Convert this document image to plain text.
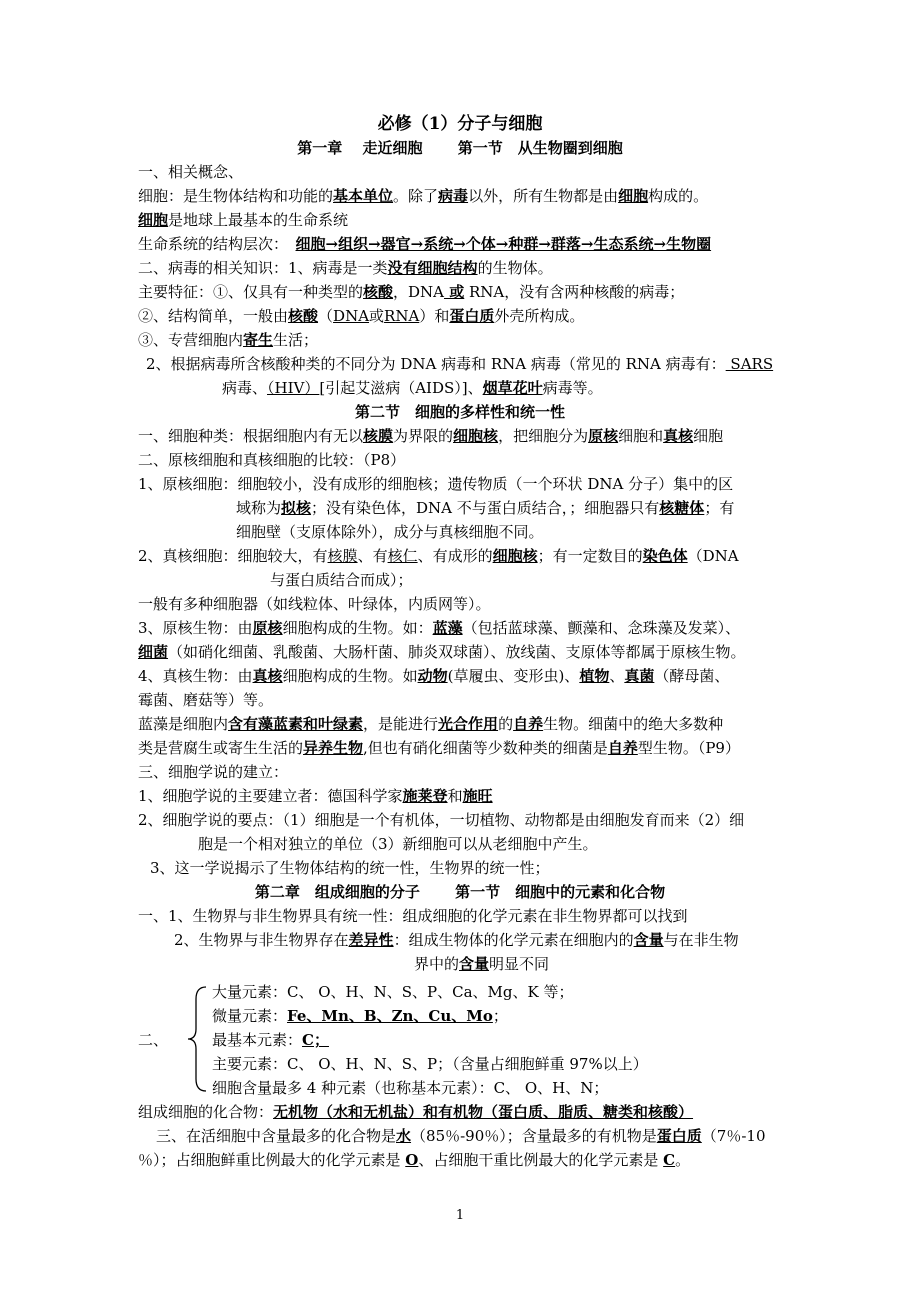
必修（1）分子与细胞
第一章　 走近细胞 　　第一节　从生物圈到细胞
一、相关概念、
细胞：是生物体结构和功能的基本单位。除了病毒以外，所有生物都是由细胞构成的。
细胞是地球上最基本的生命系统
生命系统的结构层次：　细胞→组织→器官→系统→个体→种群→群落→生态系统→生物圈
二、病毒的相关知识：1、病毒是一类没有细胞结构的生物体。
主要特征：①、仅具有一种类型的核酸，DNA 或 RNA，没有含两种核酸的病毒；
②、结构简单，一般由核酸（DNA或RNA）和蛋白质外壳所构成。
③、专营细胞内寄生生活；
2、根据病毒所含核酸种类的不同分为 DNA 病毒和 RNA 病毒（常见的 RNA 病毒有： SARS
病毒、（HIV）[引起艾滋病（AIDS）]、烟草花叶病毒等。
第二节　细胞的多样性和统一性
一、细胞种类：根据细胞内有无以核膜为界限的细胞核，把细胞分为原核细胞和真核细胞
二、原核细胞和真核细胞的比较：（P8）
1、原核细胞：细胞较小，没有成形的细胞核；遗传物质（一个环状 DNA 分子）集中的区
域称为拟核；没有染色体，DNA 不与蛋白质结合，；细胞器只有核糖体；有
细胞壁（支原体除外），成分与真核细胞不同。
2、真核细胞：细胞较大，有核膜、有核仁、有成形的细胞核；有一定数目的染色体（DNA
与蛋白质结合而成）；
一般有多种细胞器（如线粒体、叶绿体，内质网等）。
3、原核生物：由原核细胞构成的生物。如：蓝藻（包括蓝球藻、颤藻和、念珠藻及发菜）、
细菌（如硝化细菌、乳酸菌、大肠杆菌、肺炎双球菌）、放线菌、支原体等都属于原核生物。
4、真核生物：由真核细胞构成的生物。如动物(草履虫、变形虫)、植物、真菌（酵母菌、
霉菌、磨菇等）等。
蓝藻是细胞内含有藻蓝素和叶绿素，是能进行光合作用的自养生物。细菌中的绝大多数种
类是营腐生或寄生生活的异养生物,但也有硝化细菌等少数种类的细菌是自养型生物。（P9）
三、细胞学说的建立：
1、细胞学说的主要建立者：德国科学家施莱登和施旺
2、细胞学说的要点：（1）细胞是一个有机体，一切植物、动物都是由细胞发育而来（2）细
胞是一个相对独立的单位（3）新细胞可以从老细胞中产生。
3、这一学说揭示了生物体结构的统一性，生物界的统一性；
第二章　组成细胞的分子 　　第一节　细胞中的元素和化合物
一、1、生物界与非生物界具有统一性：组成细胞的化学元素在非生物界都可以找到
2、生物界与非生物界存在差异性：组成生物体的化学元素在细胞内的含量与在非生物
界中的含量明显不同
大量元素：C、 O、H、N、S、P、Ca、Mg、K 等；
微量元素：Fe、Mn、B、Zn、Cu、Mo；
二、	最基本元素：C；
主要元素：C、 O、H、N、S、P；（含量占细胞鲜重 97%以上）
细胞含量最多 4 种元素（也称基本元素）：C、 O、H、N；
组成细胞的化合物：无机物（水和无机盐）和有机物（蛋白质、脂质、糖类和核酸）
三、在活细胞中含量最多的化合物是水（85％-90％）；含量最多的有机物是蛋白质（7％-10
％）；占细胞鲜重比例最大的化学元素是 O、占细胞干重比例最大的化学元素是 C。
1
